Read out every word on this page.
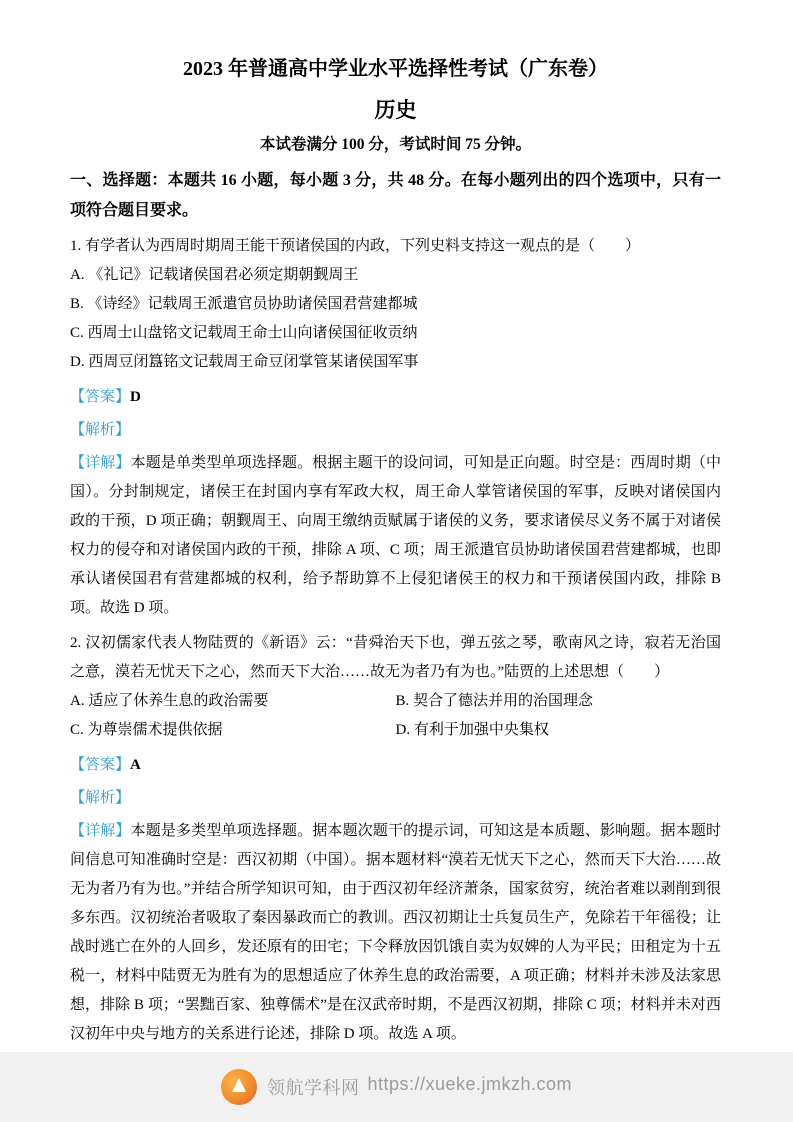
2023 年普通高中学业水平选择性考试（广东卷）
历史
本试卷满分 100 分，考试时间 75 分钟。
一、选择题：本题共 16 小题，每小题 3 分，共 48 分。在每小题列出的四个选项中，只有一项符合题目要求。

1. 有学者认为西周时期周王能干预诸侯国的内政，下列史料支持这一观点的是（　　）

A. 《礼记》记载诸侯国君必须定期朝觐周王

B. 《诗经》记载周王派遣官员协助诸侯国君营建都城

C. 西周士山盘铭文记载周王命士山向诸侯国征收贡纳

D. 西周豆闭簋铭文记载周王命豆闭掌管某诸侯国军事

【答案】D

【解析】

【详解】本题是单类型单项选择题。根据主题干的设问词，可知是正向题。时空是：西周时期（中国）。分封制规定，诸侯王在封国内享有军政大权，周王命人掌管诸侯国的军事，反映对诸侯国内政的干预，D 项正确；朝觐周王、向周王缴纳贡赋属于诸侯的义务，要求诸侯尽义务不属于对诸侯权力的侵夺和对诸侯国内政的干预，排除 A 项、C 项；周王派遣官员协助诸侯国君营建都城，也即承认诸侯国君有营建都城的权利，给予帮助算不上侵犯诸侯王的权力和干预诸侯国内政，排除 B 项。故选 D 项。

2. 汉初儒家代表人物陆贾的《新语》云：“昔舜治天下也，弹五弦之琴，歌南风之诗，寂若无治国之意，漠若无忧天下之心，然而天下大治……故无为者乃有为也。”陆贾的上述思想（　　）

A. 适应了休养生息的政治需要	B. 契合了德法并用的治国理念
C. 为尊崇儒术提供依据	D. 有利于加强中央集权

【答案】A

【解析】

【详解】本题是多类型单项选择题。据本题次题干的提示词，可知这是本质题、影响题。据本题时间信息可知准确时空是：西汉初期（中国）。据本题材料“漠若无忧天下之心，然而天下大治……故无为者乃有为也。”并结合所学知识可知，由于西汉初年经济萧条，国家贫穷，统治者难以剥削到很多东西。汉初统治者吸取了秦因暴政而亡的教训。西汉初期让士兵复员生产，免除若干年徭役；让战时逃亡在外的人回乡，发还原有的田宅；下令释放因饥饿自卖为奴婢的人为平民；田租定为十五税一，材料中陆贾无为胜有为的思想适应了休养生息的政治需要，A 项正确；材料并未涉及法家思想，排除 B 项；“罢黜百家、独尊儒术”是在汉武帝时期，不是西汉初期，排除 C 项；材料并未对西汉初年中央与地方的关系进行论述，排除 D 项。故选 A 项。

领航学科网 https://xueke.jmkzh.com
